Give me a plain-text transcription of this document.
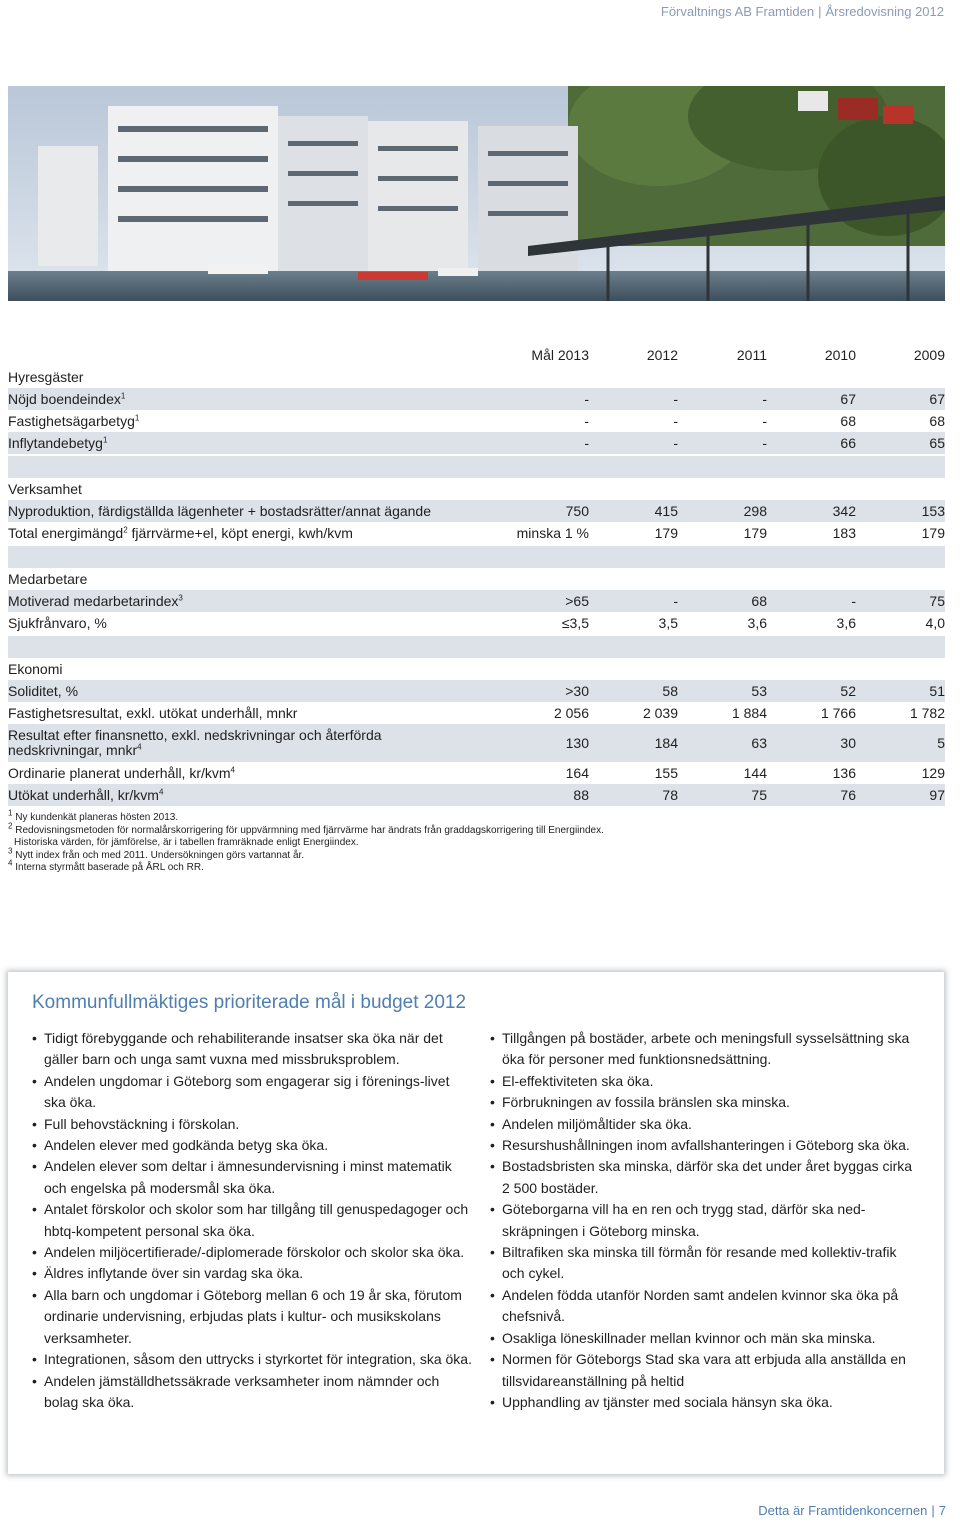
Förvaltnings AB Framtiden | Årsredovisning 2012
	Mål 2013	2012	2011	2010	2009
Hyresgäster					
Nöjd boendeindex$^1$	-	-	-	67	67
Fastighetsägarbetyg$^1$	-	-	-	68	68
Inflytandebetyg$^1$	-	-	-	66	65

Verksamhet					
Nyproduktion, färdigställda lägenheter + bostadsrätter/annat ägande	750	415	298	342	153
Total energimängd$^2$ fjärrvärme+el, köpt energi, kwh/kvm	minska 1 %	179	179	183	179

Medarbetare					
Motiverad medarbetarindex$^3$	>65	-	68	-	75
Sjukfrånvaro, %	≤3,5	3,5	3,6	3,6	4,0

Ekonomi					
Soliditet, %	>30	58	53	52	51
Fastighetsresultat, exkl. utökat underhåll, mnkr	2 056	2 039	1 884	1 766	1 782
Resultat efter finansnetto, exkl. nedskrivningar och återförda nedskrivningar, mnkr$^4$	130	184	63	30	5
Ordinarie planerat underhåll, kr/kvm$^4$	164	155	144	136	129
Utökat underhåll, kr/kvm$^4$	88	78	75	76	97
$^1$ Ny kundenkät planeras hösten 2013.
$^2$ Redovisningsmetoden för normalårskorrigering för uppvärmning med fjärrvärme har ändrats från graddagskorrigering till Energiindex.
Historiska värden, för jämförelse, är i tabellen framräknade enligt Energiindex.
$^3$ Nytt index från och med 2011. Undersökningen görs vartannat år.
$^4$ Interna styrmått baserade på ÅRL och RR.
Kommunfullmäktiges prioriterade mål i budget 2012
• Tidigt förebyggande och rehabiliterande insatser ska öka när det gäller barn och unga samt vuxna med missbruksproblem.
• Andelen ungdomar i Göteborg som engagerar sig i förenings-livet ska öka.
• Full behovstäckning i förskolan.
• Andelen elever med godkända betyg ska öka.
• Andelen elever som deltar i ämnesundervisning i minst matematik och engelska på modersmål ska öka.
• Antalet förskolor och skolor som har tillgång till genuspedagoger och hbtq-kompetent personal ska öka.
• Andelen miljöcertifierade/-diplomerade förskolor och skolor ska öka.
• Äldres inflytande över sin vardag ska öka.
• Alla barn och ungdomar i Göteborg mellan 6 och 19 år ska, förutom ordinarie undervisning, erbjudas plats i kultur- och musikskolans verksamheter.
• Integrationen, såsom den uttrycks i styrkortet för integration, ska öka.
• Andelen jämställdhetssäkrade verksamheter inom nämnder och bolag ska öka.
• Tillgången på bostäder, arbete och meningsfull sysselsättning ska öka för personer med funktionsnedsättning.
• El-effektiviteten ska öka.
• Förbrukningen av fossila bränslen ska minska.
• Andelen miljömåltider ska öka.
• Resurshushållningen inom avfallshanteringen i Göteborg ska öka.
• Bostadsbristen ska minska, därför ska det under året byggas cirka 2 500 bostäder.
• Göteborgarna vill ha en ren och trygg stad, därför ska ned-skräpningen i Göteborg minska.
• Biltrafiken ska minska till förmån för resande med kollektiv-trafik och cykel.
• Andelen födda utanför Norden samt andelen kvinnor ska öka på chefsnivå.
• Osakliga löneskillnader mellan kvinnor och män ska minska.
• Normen för Göteborgs Stad ska vara att erbjuda alla anställda en tillsvidareanställning på heltid
• Upphandling av tjänster med sociala hänsyn ska öka.
Detta är Framtidenkoncernen | 7
